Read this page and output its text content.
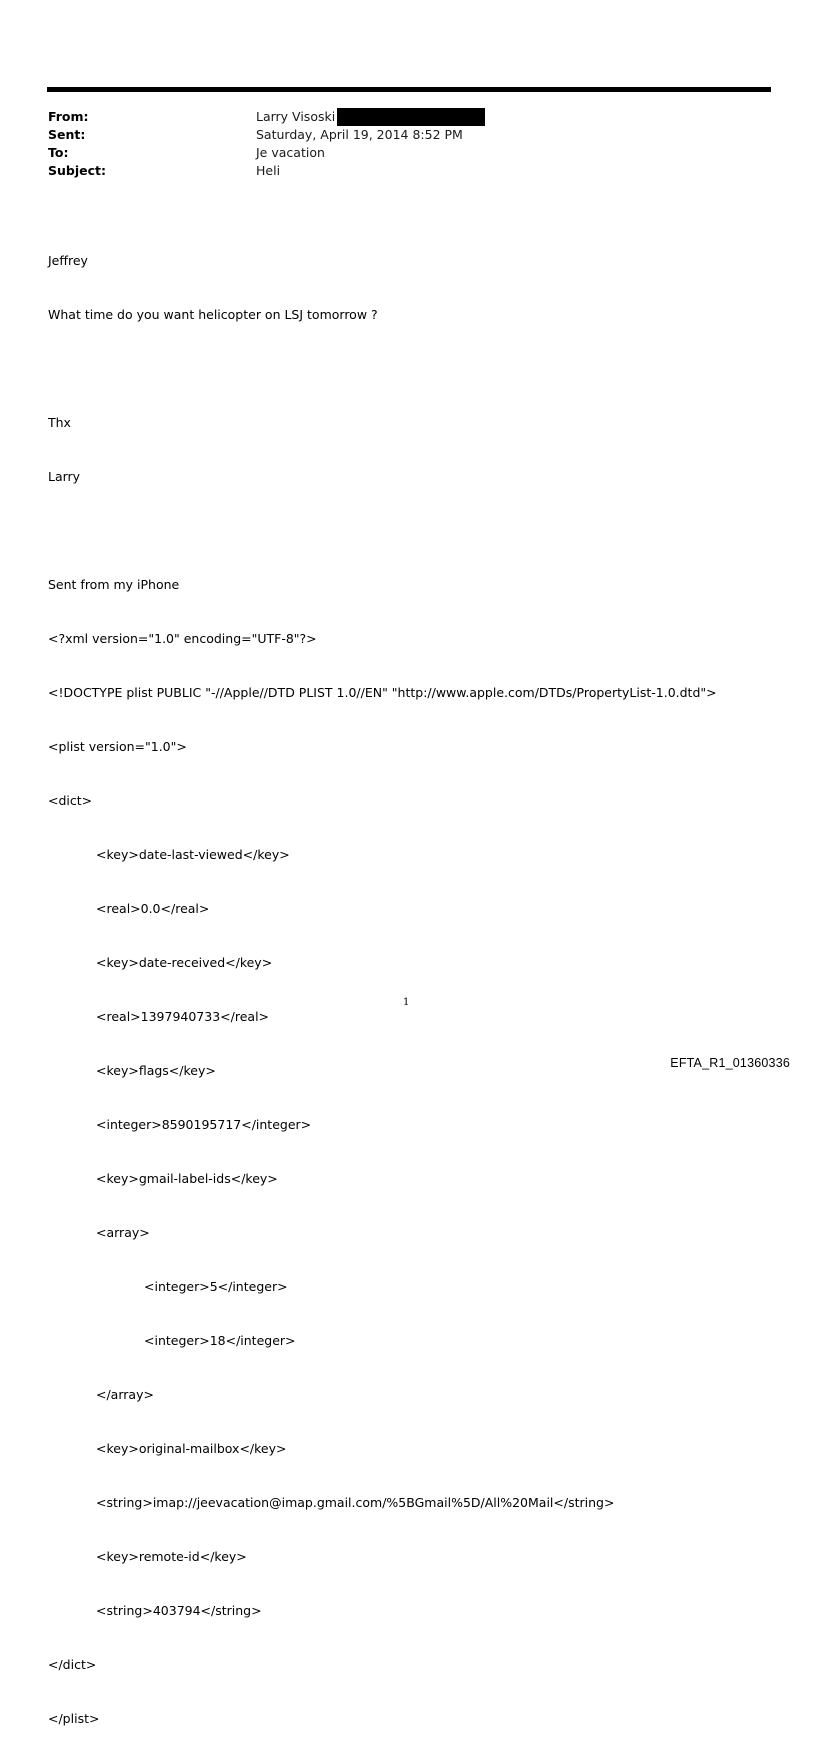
From:	Larry Visoski
Sent:	Saturday, April 19, 2014 8:52 PM
To:	Je vacation
Subject:	Heli

Jeffrey

What time do you want helicopter on LSJ tomorrow ?

Thx

Larry

Sent from my iPhone

<?xml version="1.0" encoding="UTF-8"?>

<!DOCTYPE plist PUBLIC "-//Apple//DTD PLIST 1.0//EN" "http://www.apple.com/DTDs/PropertyList-1.0.dtd">

<plist version="1.0">

<dict>

<key>date-last-viewed</key>

<real>0.0</real>

<key>date-received</key>

<real>1397940733</real>

<key>flags</key>

<integer>8590195717</integer>

<key>gmail-label-ids</key>

<array>

<integer>5</integer>

<integer>18</integer>

</array>

<key>original-mailbox</key>

<string>imap://jeevacation@imap.gmail.com/%5BGmail%5D/All%20Mail</string>

<key>remote-id</key>

<string>403794</string>

</dict>

</plist>

1
EFTA_R1_01360336
